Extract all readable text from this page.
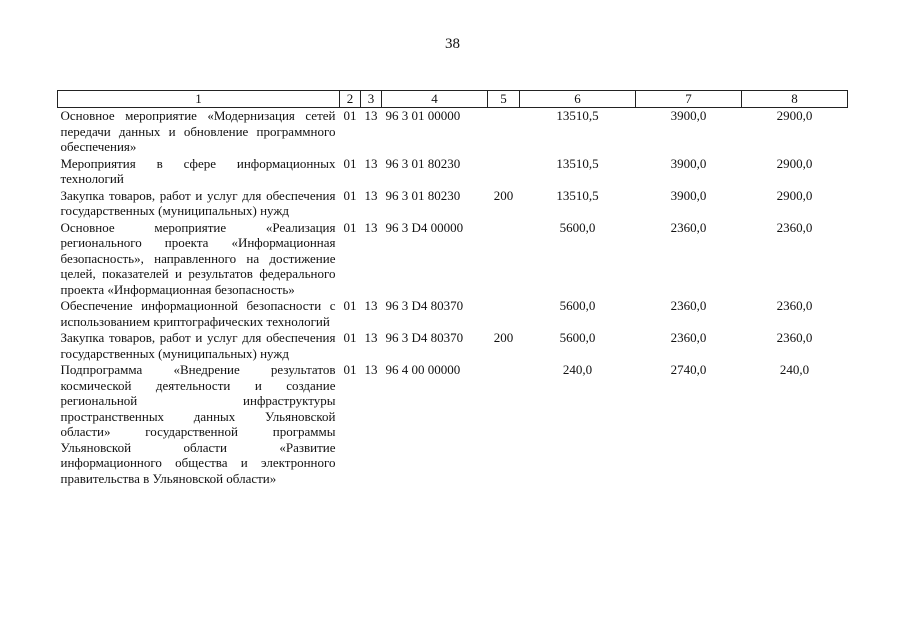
38
1	2	3	4	5	6	7	8
Основное мероприятие «Модернизация сетей передачи данных и обновление программного обеспечения»	01	13	96 3 01 00000		13510,5	3900,0	2900,0
Мероприятия в сфере информационных технологий	01	13	96 3 01 80230		13510,5	3900,0	2900,0
Закупка товаров, работ и услуг для обеспечения государственных (муниципальных) нужд	01	13	96 3 01 80230	200	13510,5	3900,0	2900,0
Основное мероприятие «Реализация регионального проекта «Информационная безопасность», направленного на достижение целей, показателей и результатов федерального проекта «Информационная безопасность»	01	13	96 3 D4 00000		5600,0	2360,0	2360,0
Обеспечение информационной безопасности с использованием криптографических технологий	01	13	96 3 D4 80370		5600,0	2360,0	2360,0
Закупка товаров, работ и услуг для обеспечения государственных (муниципальных) нужд	01	13	96 3 D4 80370	200	5600,0	2360,0	2360,0
Подпрограмма «Внедрение результатов космической деятельности и создание региональной инфраструктуры пространственных данных Ульяновской области» государственной программы Ульяновской области «Развитие информационного общества и электронного правительства в Ульяновской области»	01	13	96 4 00 00000		240,0	2740,0	240,0
